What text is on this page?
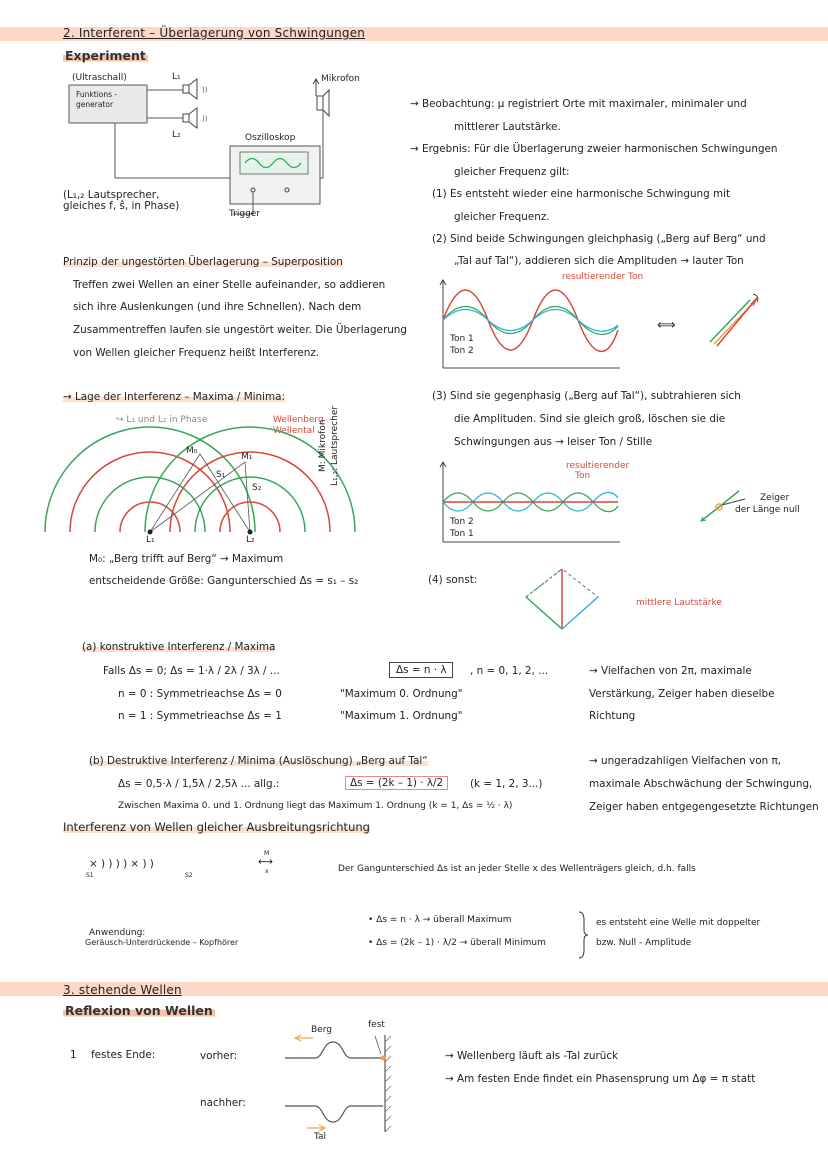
2. Interferent – Überlagerung von Schwingungen
Experiment
))
))
(Ultraschall)
Funktions -
generator
L₁
L₂
Mikrofon
Oszilloskop
Trigger
(L₁,₂ Lautsprecher,
gleiches f, ŝ, in Phase)
→ Beobachtung: μ registriert Orte mit maximaler, minimaler und
mittlerer Lautstärke.
→ Ergebnis: Für die Überlagerung zweier harmonischen Schwingungen
gleicher Frequenz gilt:
(1) Es entsteht wieder eine harmonische Schwingung mit
gleicher Frequenz.
(2) Sind beide Schwingungen gleichphasig („Berg auf Berg“ und
„Tal auf Tal“), addieren sich die Amplituden → lauter Ton
resultierender Ton
Ton 1
Ton 2
⟺
(3) Sind sie gegenphasig („Berg auf Tal“), subtrahieren sich
die Amplituden. Sind sie gleich groß, löschen sie die
Schwingungen aus → leiser Ton / Stille
resultierender
Ton
Ton 2
Ton 1
Zeiger
der Länge null
(4) sonst:
mittlere Lautstärke
Prinzip der ungestörten Überlagerung – Superposition
Treffen zwei Wellen an einer Stelle aufeinander, so addieren
sich ihre Auslenkungen (und ihre Schnellen). Nach dem
Zusammentreffen laufen sie ungestört weiter. Die Überlagerung
von Wellen gleicher Frequenz heißt Interferenz.
→ Lage der Interferenz – Maxima / Minima:
↪ L₁ und L₂ in Phase	Wellenberg
Wellental
M₀
M₁
S₁
S₂
L₁	L₂
M: Mikrofon L₁,₂: Lautsprecher
M₀: „Berg trifft auf Berg“ → Maximum
entscheidende Größe: Gangunterschied Δs = s₁ – s₂
(a) konstruktive Interferenz / Maxima
Falls Δs = 0; Δs = 1·λ / 2λ / 3λ / ...	Δs = n · λ	, n = 0, 1, 2, ...
n = 0 : Symmetrieachse Δs = 0	"Maximum 0. Ordnung"
n = 1 : Symmetrieachse Δs = 1	"Maximum 1. Ordnung"
→ Vielfachen von 2π, maximale
Verstärkung, Zeiger haben dieselbe
Richtung
(b) Destruktive Interferenz / Minima (Auslöschung) „Berg auf Tal“
Δs = 0,5·λ / 1,5λ / 2,5λ ... allg.:	Δs = (2k – 1) · λ/2	(k = 1, 2, 3...)
Zwischen Maxima 0. und 1. Ordnung liegt das Maximum 1. Ordnung (k = 1, Δs = ½ · λ)
→ ungeradzahligen Vielfachen von π,
maximale Abschwächung der Schwingung,
Zeiger haben entgegengesetzte Richtungen
Interferenz von Wellen gleicher Ausbreitungsrichtung
× ) ) ) ) × ) )
S1	S2
M
⟷
x
Anwendung:
Geräusch-Unterdrückende – Kopfhörer
Der Gangunterschied Δs ist an jeder Stelle x des Wellenträgers gleich, d.h. falls
• Δs = n · λ → überall Maximum
• Δs = (2k – 1) · λ/2 → überall Minimum
es entsteht eine Welle mit doppelter
bzw. Null - Amplitude
3. stehende Wellen
Reflexion von Wellen
1 festes Ende:	vorher:
nachher:
Berg	fest
Tal
→ Wellenberg läuft als -Tal zurück
→ Am festen Ende findet ein Phasensprung um Δφ = π statt
